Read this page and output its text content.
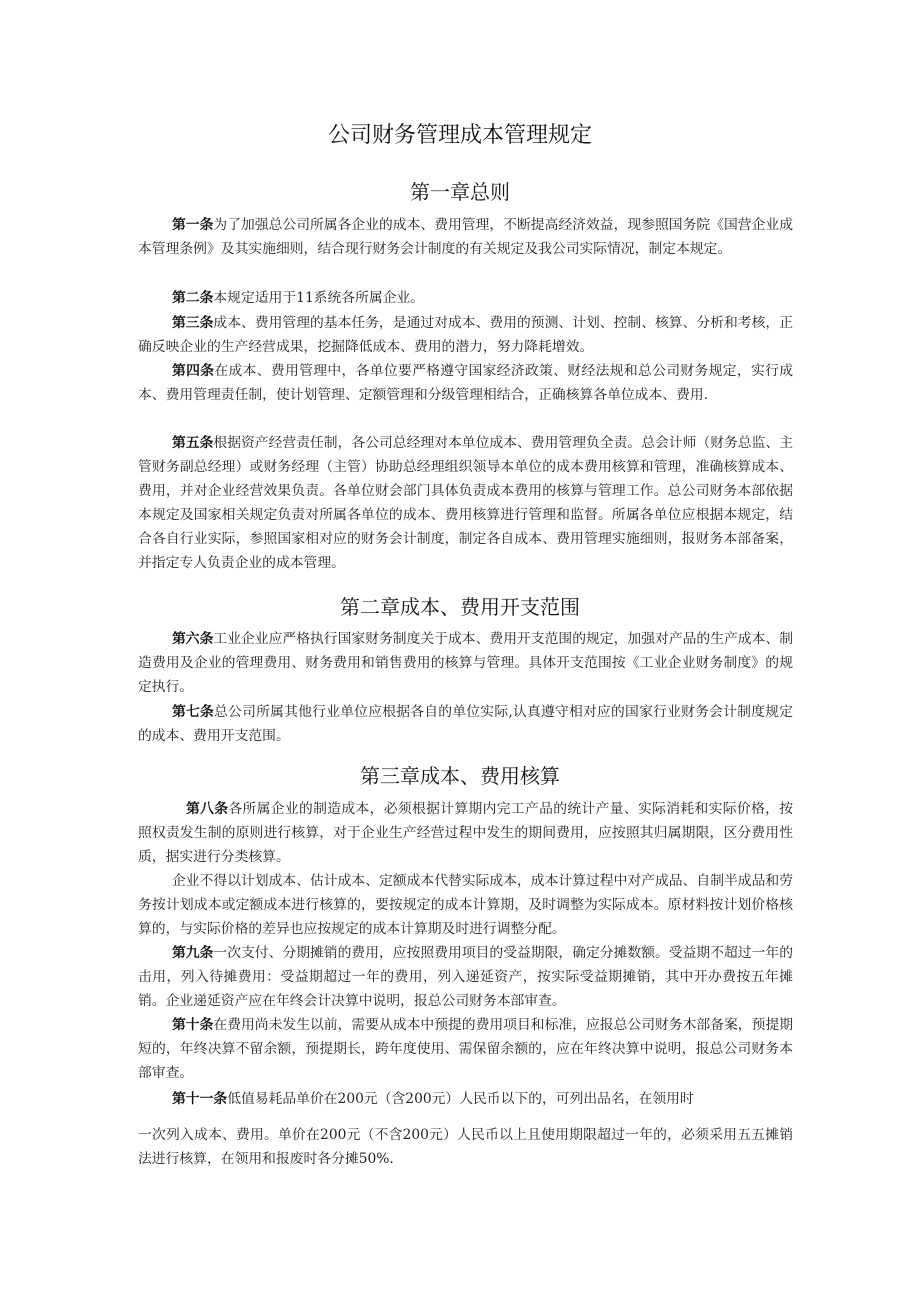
公司财务管理成本管理规定
第一章总则

第一条为了加强总公司所属各企业的成本、费用管理，不断提高经济效益，现参照国务院《国营企业成本管理条例》及其实施细则，结合现行财务会计制度的有关规定及我公司实际情况，制定本规定。

第二条本规定适用于11系统各所属企业。

第三条成本、费用管理的基本任务，是通过对成本、费用的预测、计划、控制、核算、分析和考核，正确反映企业的生产经营成果，挖掘降低成本、费用的潜力，努力降耗增效。

第四条在成本、费用管理中，各单位要严格遵守国家经济政策、财经法规和总公司财务规定，实行成本、费用管理责任制，使计划管理、定额管理和分级管理相结合，正确核算各单位成本、费用.

第五条根据资产经营责任制，各公司总经理对本单位成本、费用管理负全责。总会计师（财务总监、主管财务副总经理）或财务经理（主管）协助总经理组织领导本单位的成本费用核算和管理，准确核算成本、费用，并对企业经营效果负责。各单位财会部门具体负责成本费用的核算与管理工作。总公司财务本部依据本规定及国家相关规定负责对所属各单位的成本、费用核算进行管理和监督。所属各单位应根据本规定，结合各自行业实际，参照国家相对应的财务会计制度，制定各自成本、费用管理实施细则，报财务本部备案，并指定专人负责企业的成本管理。

第二章成本、费用开支范围

第六条工业企业应严格执行国家财务制度关于成本、费用开支范围的规定，加强对产品的生产成本、制造费用及企业的管理费用、财务费用和销售费用的核算与管理。具体开支范围按《工业企业财务制度》的规定执行。

第七条总公司所属其他行业单位应根据各自的单位实际,认真遵守相对应的国家行业财务会计制度规定的成本、费用开支范围。

第三章成本、费用核算

第八条各所属企业的制造成本，必须根据计算期内完工产品的统计产量、实际消耗和实际价格，按照权责发生制的原则进行核算，对于企业生产经营过程中发生的期间费用，应按照其归属期限，区分费用性质，据实进行分类核算。

企业不得以计划成本、估计成本、定额成本代替实际成本，成本计算过程中对产成品、自制半成品和劳务按计划成本或定额成本进行核算的，要按规定的成本计算期，及时调整为实际成本。原材料按计划价格核算的，与实际价格的差异也应按规定的成本计算期及时进行调整分配。

第九条一次支付、分期摊销的费用，应按照费用项目的受益期限，确定分摊数额。受益期不超过一年的击用，列入待摊费用：受益期超过一年的费用，列入递延资产，按实际受益期摊销，其中开办费按五年摊销。企业递延资产应在年终会计决算中说明，报总公司财务本部审查。

第十条在费用尚未发生以前，需要从成本中预提的费用项目和标准，应报总公司财务木部备案，预提期短的，年终决算不留余额，预提期长，跨年度使用、需保留余额的，应在年终决算中说明，报总公司财务本部审查。

第十一条低值易耗品单价在200元（含200元）人民币以下的，可列出品名，在领用时

一次列入成本、费用。单价在200元（不含200元）人民币以上且使用期限超过一年的，必须采用五五摊销法进行核算，在领用和报废时各分摊50%.
